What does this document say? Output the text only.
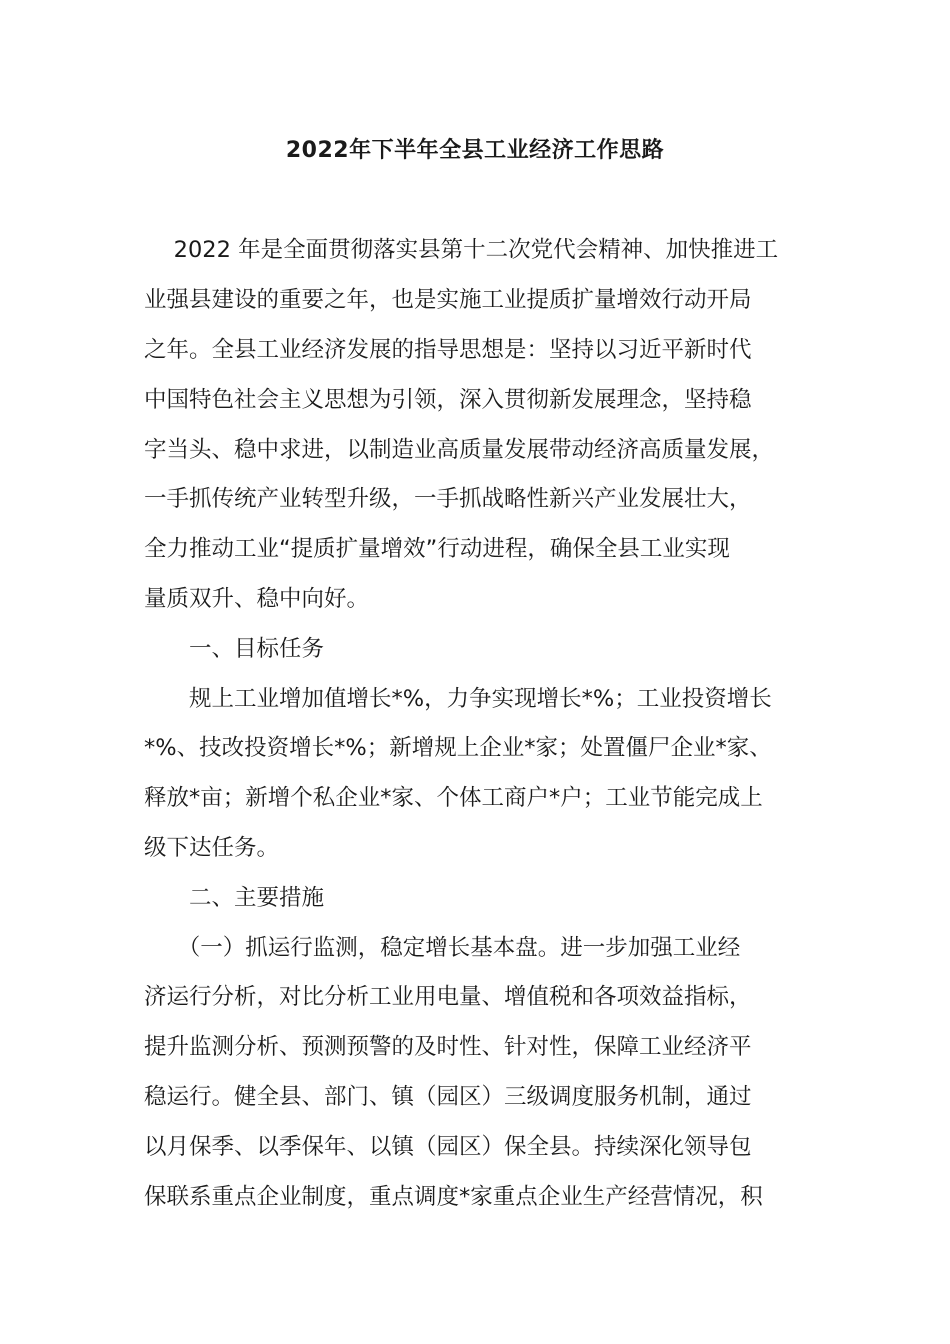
2022年下半年全县工业经济工作思路

　 2022 年是全面贯彻落实县第十二次党代会精神、加快推进工

业强县建设的重要之年，也是实施工业提质扩量增效行动开局

之年。全县工业经济发展的指导思想是：坚持以习近平新时代

中国特色社会主义思想为引领，深入贯彻新发展理念，坚持稳

字当头、稳中求进，以制造业高质量发展带动经济高质量发展，

一手抓传统产业转型升级，一手抓战略性新兴产业发展壮大，

全力推动工业“提质扩量增效”行动进程，确保全县工业实现

量质双升、稳中向好。

　　一、目标任务

　　规上工业增加值增长*%，力争实现增长*%；工业投资增长

*%、技改投资增长*%；新增规上企业*家；处置僵尸企业*家、

释放*亩；新增个私企业*家、个体工商户*户；工业节能完成上

级下达任务。

　　二、主要措施

　　（一）抓运行监测，稳定增长基本盘。进一步加强工业经

济运行分析，对比分析工业用电量、增值税和各项效益指标，

提升监测分析、预测预警的及时性、针对性，保障工业经济平

稳运行。健全县、部门、镇（园区）三级调度服务机制，通过

以月保季、以季保年、以镇（园区）保全县。持续深化领导包

保联系重点企业制度，重点调度*家重点企业生产经营情况，积
